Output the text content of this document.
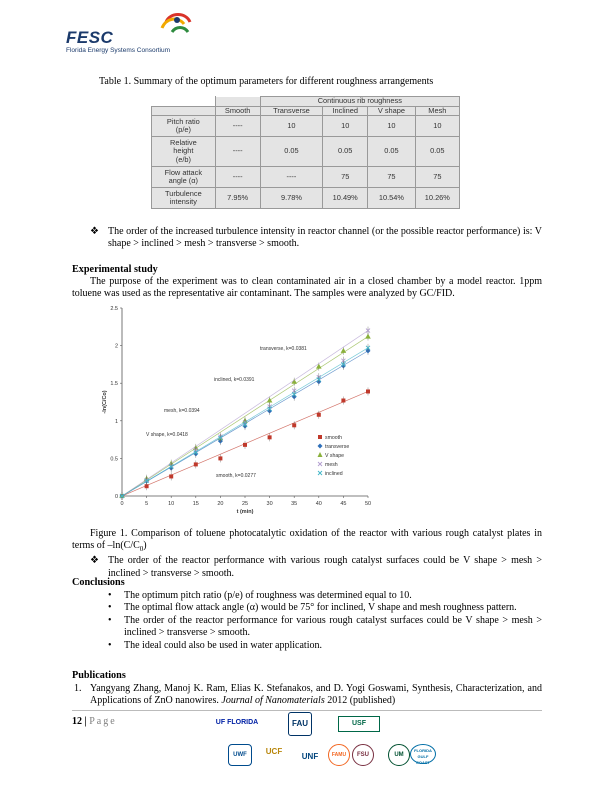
FESC
Florida Energy Systems Consortium
Table 1. Summary of the optimum parameters for different roughness arrangements
		Continuous rib roughness			
	Smooth	Transverse	Inclined	V shape	Mesh
Pitch ratio
(p/e)	----	10	10	10	10
Relative
height
(e/b)	----	0.05	0.05	0.05	0.05
Flow attack
angle (α)	----	----	75	75	75
Turbulence
intensity	7.95%	9.78%	10.49%	10.54%	10.26%
❖ The order of the increased turbulence intensity in reactor channel (or the possible reactor performance) is: V shape > inclined > mesh > transverse > smooth.
Experimental study
The purpose of the experiment was to clean contaminated air in a closed chamber by a model reactor. 1ppm toluene was used as the representative air contaminant. The samples were analyzed by GC/FID.
0	5	10	15	20	25	30	35	40	45	50
0
0.5
1
1.5
2
2.5
t (min)
-ln(C/Co)
smooth, k=0.0277
transverse, k=0.0381
V shape, k=0.0418
mesh, k=0.0394
inclined, k=0.0391
smooth
transverse
V shape
mesh
inclined
Figure 1. Comparison of toluene photocatalytic oxidation of the reactor with various rough catalyst plates in terms of $-\ln(C/C_0)$
❖ The order of the reactor performance with various rough catalyst surfaces could be V shape > mesh > inclined > transverse > smooth.
Conclusions
• The optimum pitch ratio (p/e) of roughness was determined equal to 10.
• The optimal flow attack angle (α) would be 75° for inclined, V shape and mesh roughness pattern.
• The order of the reactor performance for various rough catalyst surfaces could be V shape > mesh > inclined > transverse > smooth.
• The ideal could also be used in water application.
Publications
1. Yangyang Zhang, Manoj K. Ram, Elias K. Stefanakos, and D. Yogi Goswami, Synthesis, Characterization, and Applications of ZnO nanowires. Journal of Nanomaterials 2012 (published)
12 | Page	UF FLORIDA	FAU	USF
UCF
UNF	FSU
UWF	FAMU	UM
FLORIDA GULF COAST
